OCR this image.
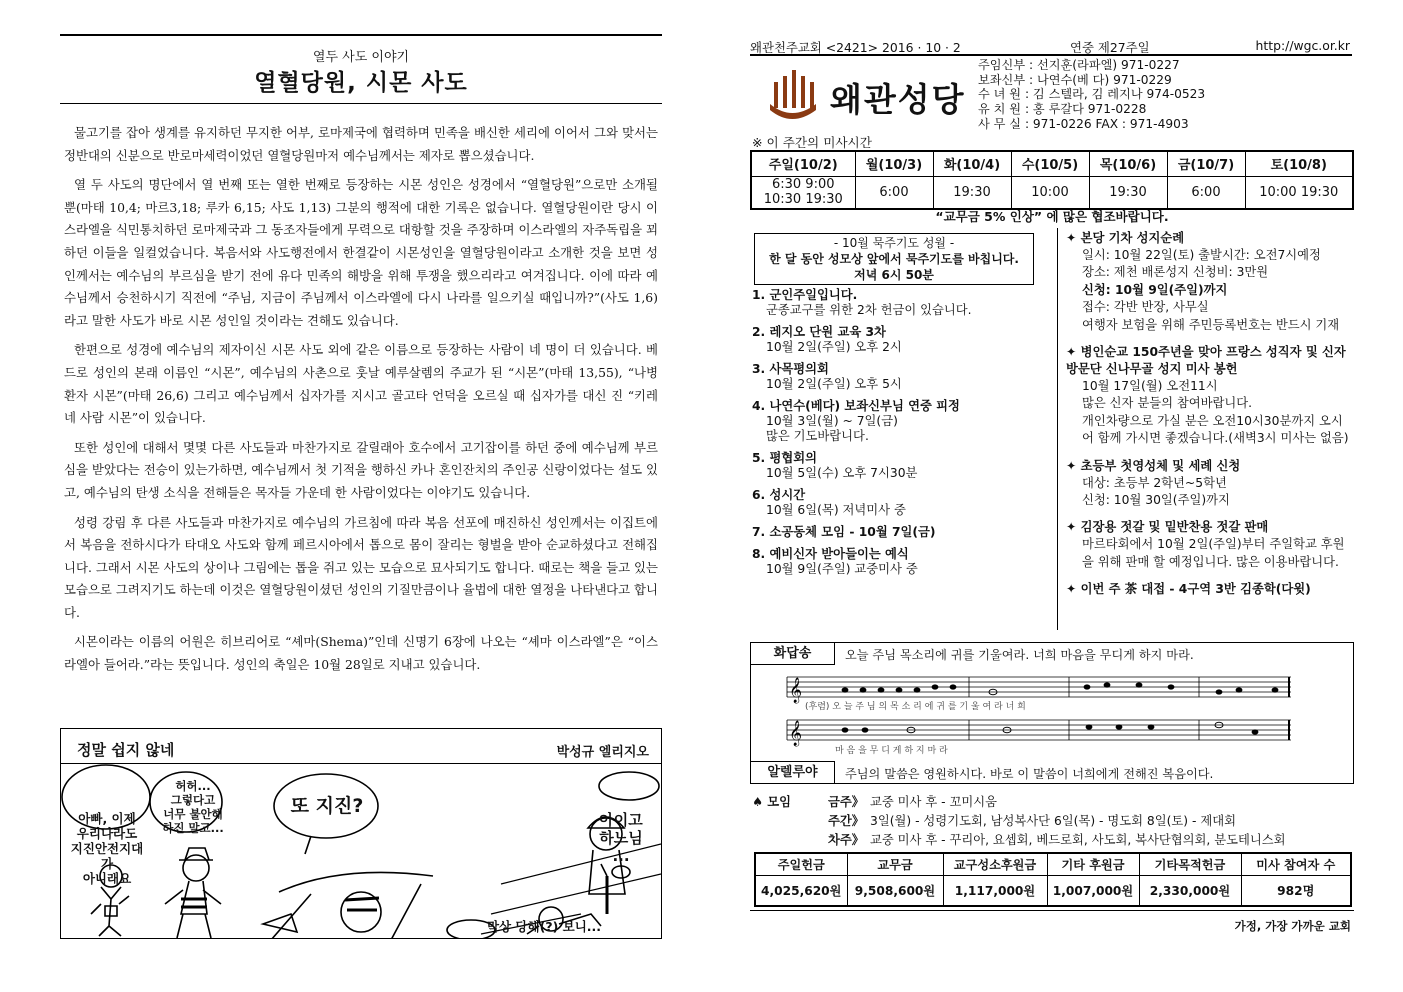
열두 사도 이야기
열혈당원, 시몬 사도

물고기를 잡아 생계를 유지하던 무지한 어부, 로마제국에 협력하며 민족을 배신한 세리에 이어서 그와 맞서는 정반대의 신분으로 반로마세력이었던 열혈당원마저 예수님께서는 제자로 뽑으셨습니다.

열 두 사도의 명단에서 열 번째 또는 열한 번째로 등장하는 시몬 성인은 성경에서 “열혈당원”으로만 소개될 뿐(마태 10,4; 마르3,18; 루카 6,15; 사도 1,13) 그분의 행적에 대한 기록은 없습니다. 열혈당원이란 당시 이스라엘을 식민통치하던 로마제국과 그 동조자들에게 무력으로 대항할 것을 주장하며 이스라엘의 자주독립을 꾀하던 이들을 일컬었습니다. 복음서와 사도행전에서 한결같이 시몬성인을 열혈당원이라고 소개한 것을 보면 성인께서는 예수님의 부르심을 받기 전에 유다 민족의 해방을 위해 투쟁을 했으리라고 여겨집니다. 이에 따라 예수님께서 승천하시기 직전에 “주님, 지금이 주님께서 이스라엘에 다시 나라를 일으키실 때입니까?”(사도 1,6)라고 말한 사도가 바로 시몬 성인일 것이라는 견해도 있습니다.

한편으로 성경에 예수님의 제자이신 시몬 사도 외에 같은 이름으로 등장하는 사람이 네 명이 더 있습니다. 베드로 성인의 본래 이름인 “시몬”, 예수님의 사촌으로 훗날 예루살렘의 주교가 된 “시몬”(마태 13,55), “나병 환자 시몬”(마태 26,6) 그리고 예수님께서 십자가를 지시고 골고타 언덕을 오르실 때 십자가를 대신 진 “키레네 사람 시몬”이 있습니다.

또한 성인에 대해서 몇몇 다른 사도들과 마찬가지로 갈릴래아 호수에서 고기잡이를 하던 중에 예수님께 부르심을 받았다는 전승이 있는가하면, 예수님께서 첫 기적을 행하신 카나 혼인잔치의 주인공 신랑이었다는 설도 있고, 예수님의 탄생 소식을 전해들은 목자들 가운데 한 사람이었다는 이야기도 있습니다.

성령 강림 후 다른 사도들과 마찬가지로 예수님의 가르침에 따라 복음 선포에 매진하신 성인께서는 이집트에서 복음을 전하시다가 타대오 사도와 함께 페르시아에서 톱으로 몸이 잘리는 형벌을 받아 순교하셨다고 전해집니다. 그래서 시몬 사도의 상이나 그림에는 톱을 쥐고 있는 모습으로 묘사되기도 합니다. 때로는 책을 들고 있는 모습으로 그려지기도 하는데 이것은 열혈당원이셨던 성인의 기질만큼이나 율법에 대한 열정을 나타낸다고 합니다.

시몬이라는 이름의 어원은 히브리어로 “셰마(Shema)”인데 신명기 6장에 나오는 “셰마 이스라엘”은 “이스라엘아 들어라.”라는 뜻입니다. 성인의 축일은 10월 28일로 지내고 있습니다.

정말 쉽지 않네	박성규 엘리지오
아빠, 이제
우리나라도
지진안전지대가
아니래요
허허...
그렇다고
너무 불안해
하진 말고...
또 지진?
아이고
하느님
...
막상 당해(?) 보니...
왜관천주교회 <2421> 2016 · 10 · 2	연중 제27주일	http://wgc.or.kr
왜관성당
주임신부 : 선지훈(라파엘) 971-0227
보좌신부 : 나연수(베 다) 971-0229
수 녀 원 : 김 스텔라, 김 레지나 974-0523
유 치 원 : 홍 루갈다 971-0228
사 무 실 : 971-0226 FAX : 971-4903
※ 이 주간의 미사시간
주일(10/2)	월(10/3)	화(10/4)	수(10/5)	목(10/6)	금(10/7)	토(10/8)

6:30 9:00
10:30 19:30	6:00	19:30	10:00	19:30	6:00	10:00 19:30
“교무금 5% 인상” 에 많은 협조바랍니다.
- 10월 묵주기도 성월 -
한 달 동안 성모상 앞에서 묵주기도를 바칩니다.
저녁 6시 50분
1. 군인주일입니다.
군종교구를 위한 2차 헌금이 있습니다.
2. 레지오 단원 교육 3차
10월 2일(주일) 오후 2시
3. 사목평의회
10월 2일(주일) 오후 5시
4. 나연수(베다) 보좌신부님 연중 피정
10월 3일(월) ~ 7일(금)
많은 기도바랍니다.
5. 평협회의
10월 5일(수) 오후 7시30분
6. 성시간
10월 6일(목) 저녁미사 중
7. 소공동체 모임 - 10월 7일(금)
8. 예비신자 받아들이는 예식
10월 9일(주일) 교중미사 중
✦ 본당 기차 성지순례
일시: 10월 22일(토) 출발시간: 오전7시예정
장소: 제천 배론성지 신청비: 3만원
신청: 10월 9일(주일)까지
접수: 각반 반장, 사무실
여행자 보험을 위해 주민등록번호는 반드시 기재
✦ 병인순교 150주년을 맞아 프랑스 성직자 및 신자 방문단 신나무골 성지 미사 봉헌
10월 17일(월) 오전11시
많은 신자 분들의 참여바랍니다.
개인차량으로 가실 분은 오전10시30분까지 오시어 함께 가시면 좋겠습니다.(새벽3시 미사는 없음)
✦ 초등부 첫영성체 및 세례 신청
대상: 초등부 2학년~5학년
신청: 10월 30일(주일)까지
✦ 김장용 젓갈 및 밑반찬용 젓갈 판매
마르타회에서 10월 2일(주일)부터 주일학교 후원을 위해 판매 할 예정입니다. 많은 이용바랍니다.
✦ 이번 주 茶 대접 - 4구역 3반 김종학(다윗)
화답송	오늘 주님 목소리에 귀를 기울여라. 너희 마음을 무디게 하지 마라.
𝄞
𝄞
(후렴) 오 늘 주 님 의 목 소 리 에 귀 를 기 울 여 라 너 희
마 음 을 무 디 게 하 지 마 라
알렐루야	주님의 말씀은 영원하시다. 바로 이 말씀이 너희에게 전해진 복음이다.
♠ 모임	금주》 교중 미사 후 - 꼬미시움
주간》 3일(월) - 성령기도회, 남성복사단 6일(목) - 명도회 8일(토) - 제대회
차주》 교중 미사 후 - 꾸리아, 요셉회, 베드로회, 사도회, 복사단협의회, 분도테니스회
주일헌금	교무금	교구성소후원금	기타 후원금	기타목적헌금	미사 참여자 수
4,025,620원	9,508,600원	1,117,000원	1,007,000원	2,330,000원	982명
가정, 가장 가까운 교회
